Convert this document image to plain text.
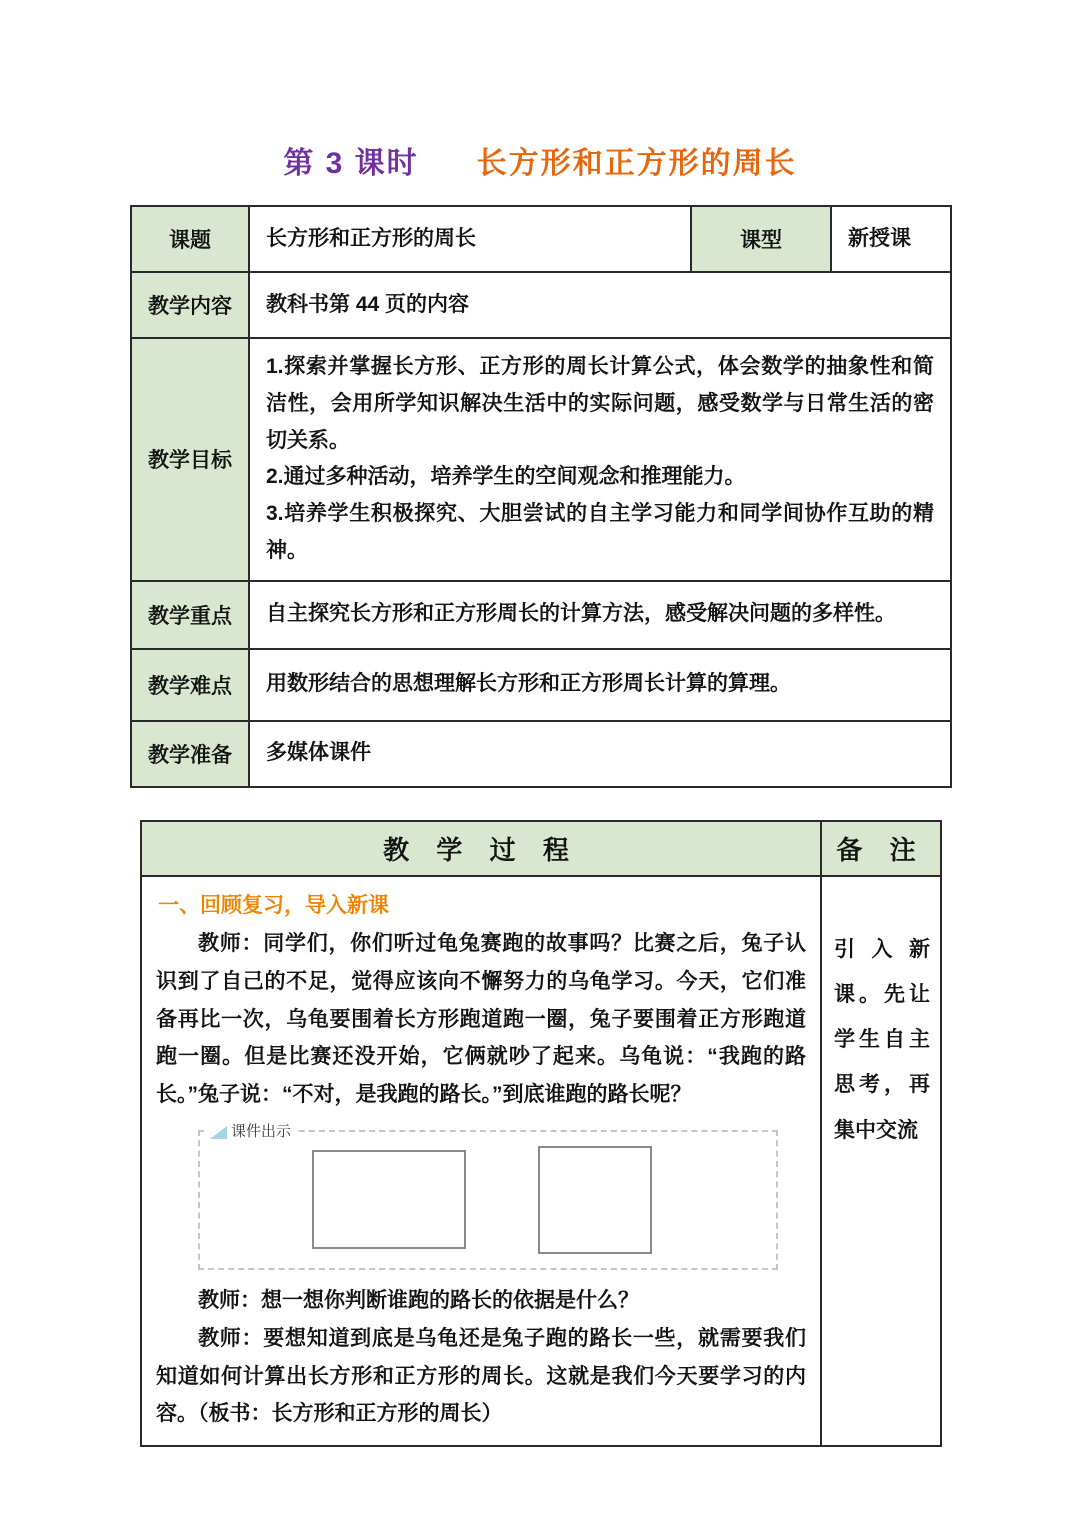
第 3 课时 长方形和正方形的周长
课题	长方形和正方形的周长	课型	新授课
教学内容	教科书第 44 页的内容		
教学目标	1.探索并掌握长方形、正方形的周长计算公式，体会数学的抽象性和简洁性，会用所学知识解决生活中的实际问题，感受数学与日常生活的密切关系。
2.通过多种活动，培养学生的空间观念和推理能力。
3.培养学生积极探究、大胆尝试的自主学习能力和同学间协作互助的精神。		

教学重点	自主探究长方形和正方形周长的计算方法，感受解决问题的多样性。		
教学难点	用数形结合的思想理解长方形和正方形周长计算的算理。		
教学准备	多媒体课件		
教 学 过 程	备 注

一、回顾复习，导入新课

教师：同学们，你们听过龟兔赛跑的故事吗？比赛之后，兔子认识到了自己的不足，觉得应该向不懈努力的乌龟学习。今天，它们准备再比一次，乌龟要围着长方形跑道跑一圈，兔子要围着正方形跑道跑一圈。但是比赛还没开始，它俩就吵了起来。乌龟说：“我跑的路长。”兔子说：“不对，是我跑的路长。”到底谁跑的路长呢？

课件出示

教师：想一想你判断谁跑的路长的依据是什么？

教师：要想知道到底是乌龟还是兔子跑的路长一些，就需要我们知道如何计算出长方形和正方形的周长。这就是我们今天要学习的内容。（板书：长方形和正方形的周长）	引入新课。先让学生自主思考，再集中交流
